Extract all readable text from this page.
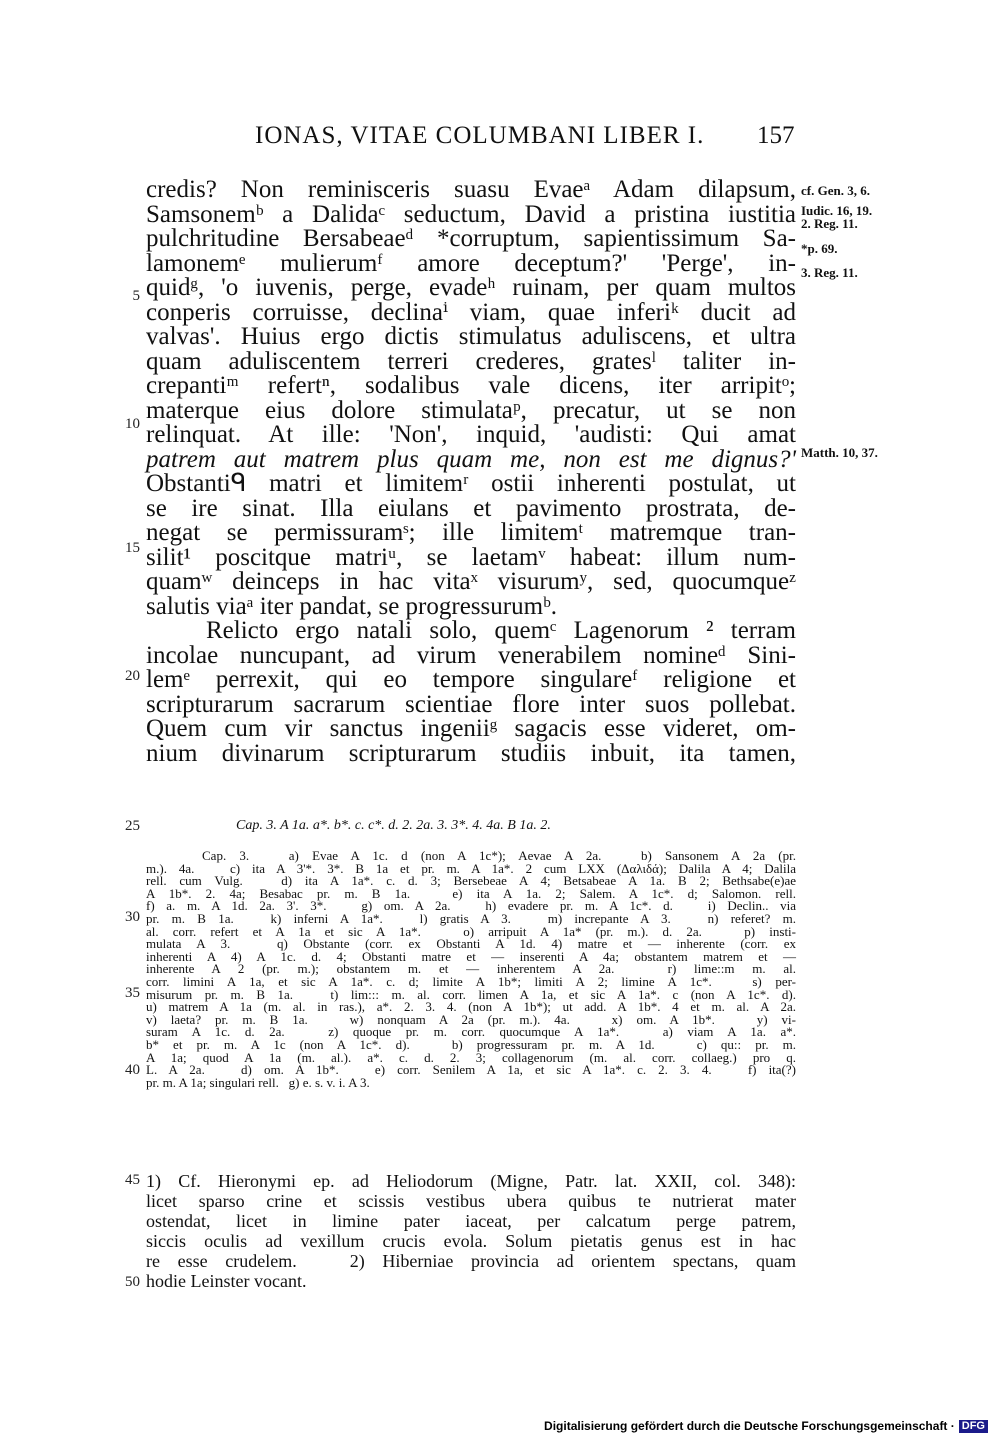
IONAS, VITAE COLUMBANI LIBER I. 157
credis? Non reminisceris suasu Evaeᵃ Adam dilapsum,
Samsonemᵇ a Dalidaᶜ seductum, David a pristina iustitia
pulchritudine Bersabeaeᵈ *corruptum, sapientissimum Sa-
lamonemᵉ mulierumᶠ amore deceptum?' 'Perge', in-
quidᵍ, 'o iuvenis, perge, evadeʰ ruinam, per quam multos
conperis corruisse, declinaⁱ viam, quae inferiᵏ ducit ad
valvas'. Huius ergo dictis stimulatus aduliscens, et ultra
quam aduliscentem terreri crederes, gratesˡ taliter in-
crepantiᵐ refertⁿ, sodalibus vale dicens, iter arripitᵒ;
materque eius dolore stimulataᵖ, precatur, ut se non
relinquat. At ille: 'Non', inquid, 'audisti: Qui amat
patrem aut matrem plus quam me, non est me dignus?'
Obstantiᑫ matri et limitemʳ ostii inherenti postulat, ut
se ire sinat. Illa eiulans et pavimento prostrata, de-
negat se permissuramˢ; ille limitemᵗ matremque tran-
silit¹ poscitque matriᵘ, se laetamᵛ habeat: illum num-
quamʷ deinceps in hac vitaˣ visurumʸ, sed, quocumqueᶻ
salutis viaᵃ iter pandat, se progressurumᵇ.
Relicto ergo natali solo, quemᶜ Lagenorum ² terram
incolae nuncupant, ad virum venerabilem nomineᵈ Sini-
lemᵉ perrexit, qui eo tempore singulareᶠ religione et
scripturarum sacrarum scientiae flore inter suos pollebat.
Quem cum vir sanctus ingeniiᵍ sagacis esse videret, om-
nium divinarum scripturarum studiis inbuit, ita tamen,
5
10
15
20
cf. Gen. 3, 6.
Iudic. 16, 19.
2. Reg. 11.
*p. 69.
3. Reg. 11.
Matth. 10, 37.
25	Cap. 3. A 1a. a*. b*. c. c*. d. 2. 2a. 3. 3*. 4. 4a. B 1a. 2.
Cap. 3.   a) Evae A 1c. d (non A 1c*); Aevae A 2a.   b) Sansonem A 2a (pr.
m.). 4a.   c) ita A 3'*. 3*. B 1a et pr. m. A 1a*. 2 cum LXX (Δαλιδά); Dalila A 4; Dalila
rell. cum Vulg.   d) ita A 1a*. c. d. 3; Bersebeae A 4; Betsabeae A 1a. B 2; Bethsabe(e)ae
A 1b*. 2. 4a; Besabac pr. m. B 1a.   e) ita A 1a. 2; Salem. A 1c*. d; Salomon. rell.
f) a. m. A 1d. 2a. 3'. 3*.   g) om. A 2a.   h) evadere pr. m. A 1c*. d.   i) Declin.. via
pr. m. B 1a.   k) inferni A 1a*.   l) gratis A 3.   m) increpante A 3.   n) referet? m.
al. corr. refert et A 1a et sic A 1a*.   o) arripuit A 1a* (pr. m.). d. 2a.   p) insti-
mulata A 3.   q) Obstante (corr. ex Obstanti A 1d. 4) matre et — inherente (corr. ex
inherenti A 4) A 1c. d. 4; Obstanti matre et — inserenti A 4a; obstantem matrem et —
inherente A 2 (pr. m.); obstantem m. et — inherentem A 2a.   r) lime::m m. al.
corr. limini A 1a, et sic A 1a*. c. d; limite A 1b*; limiti A 2; limine A 1c*.   s) per-
misurum pr. m. B 1a.   t) lim::: m. al. corr. limen A 1a, et sic A 1a*. c (non A 1c*. d).
u) matrem A 1a (m. al. in ras.), a*. 2. 3. 4. (non A 1b*); ut add. A 1b*. 4 et m. al. A 2a.
v) laeta? pr. m. B 1a.   w) nonquam A 2a (pr. m.). 4a.   x) om. A 1b*.   y) vi-
suram A 1c. d. 2a.   z) quoque pr. m. corr. quocumque A 1a*.   a) viam A 1a. a*.
b* et pr. m. A 1c (non A 1c*. d).   b) progressuram pr. m. A 1d.   c) qu:: pr. m.
A 1a; quod A 1a (m. al.). a*. c. d. 2. 3; collagenorum (m. al. corr. collaeg.) pro q.
L. A 2a.   d) om. A 1b*.   e) corr. Senilem A 1a, et sic A 1a*. c. 2. 3. 4.   f) ita(?)
pr. m. A 1a; singulari rell.   g) e. s. v. i. A 3.
30
35
40
1) Cf. Hieronymi ep. ad Heliodorum (Migne, Patr. lat. XXII, col. 348):
licet sparso crine et scissis vestibus ubera quibus te nutrierat mater
ostendat, licet in limine pater iaceat, per calcatum perge patrem,
siccis oculis ad vexillum crucis evola. Solum pietatis genus est in hac
re esse crudelem.   2) Hiberniae provincia ad orientem spectans, quam
hodie Leinster vocant.
45
50
Digitalisierung gefördert durch die Deutsche Forschungsgemeinschaft · DFG
